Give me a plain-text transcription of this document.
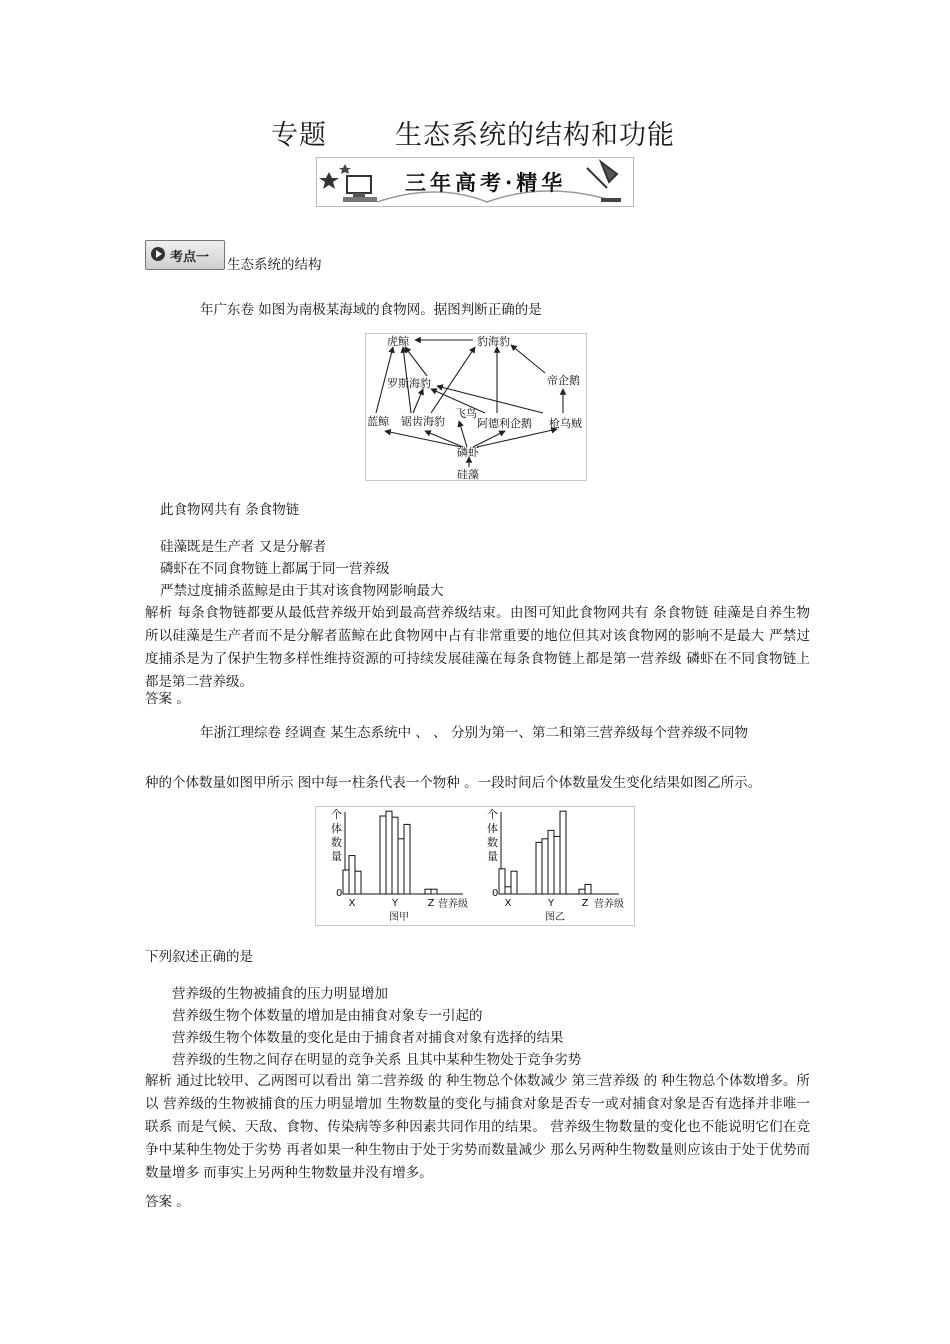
专题	生态系统的结构和功能
三年高考·精华
考点一 生态系统的结构
年广东卷 如图为南极某海域的食物网。据图判断正确的是
虎鲸	豹海豹
罗斯海豹	帝企鹅
蓝鲸 锯齿海豹
飞鸟
阿德利企鹅 枪乌贼
磷虾
硅藻
此食物网共有 条食物链
硅藻既是生产者 又是分解者
磷虾在不同食物链上都属于同一营养级
严禁过度捕杀蓝鲸是由于其对该食物网影响最大
解析 每条食物链都要从最低营养级开始到最高营养级结束。由图可知此食物网共有 条食物链 硅藻是自养生物 所以硅藻是生产者而不是分解者蓝鲸在此食物网中占有非常重要的地位但其对该食物网的影响不是最大 严禁过度捕杀是为了保护生物多样性维持资源的可持续发展硅藻在每条食物链上都是第一营养级 磷虾在不同食物链上都是第二营养级。
答案 。
年浙江理综卷 经调查 某生态系统中 、 、 分别为第一、第二和第三营养级每个营养级不同物
种的个体数量如图甲所示 图中每一柱条代表一个物种 。一段时间后个体数量发生变化结果如图乙所示。
个
体
数
量
0
X	Y	Z 营养级
图甲
个
体
数
量
0
X	Y	Z 营养级
图乙
下列叙述正确的是
营养级的生物被捕食的压力明显增加
营养级生物个体数量的增加是由捕食对象专一引起的
营养级生物个体数量的变化是由于捕食者对捕食对象有选择的结果
营养级的生物之间存在明显的竞争关系 且其中某种生物处于竞争劣势
解析 通过比较甲、乙两图可以看出 第二营养级 的 种生物总个体数减少 第三营养级 的 种生物总个体数增多。所以 营养级的生物被捕食的压力明显增加 生物数量的变化与捕食对象是否专一或对捕食对象是否有选择并非唯一联系 而是气候、天敌、食物、传染病等多种因素共同作用的结果。 营养级生物数量的变化也不能说明它们在竞争中某种生物处于劣势 再者如果一种生物由于处于劣势而数量减少 那么另两种生物数量则应该由于处于优势而数量增多 而事实上另两种生物数量并没有增多。
答案 。
